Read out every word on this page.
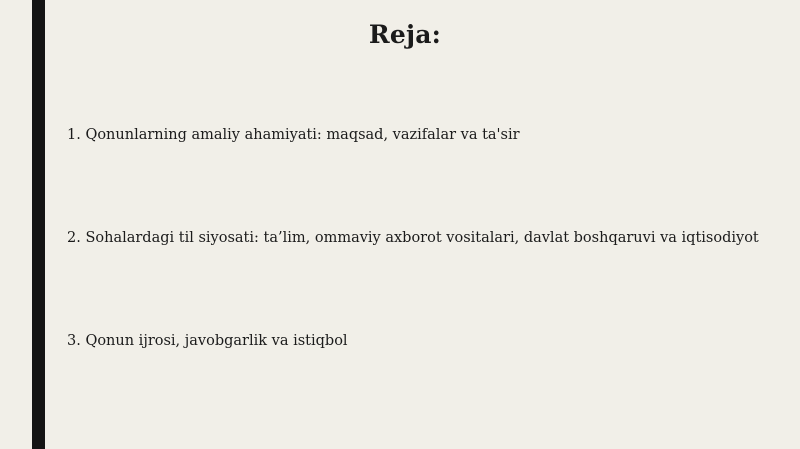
Reja:
1. Qonunlarning amaliy ahamiyati: maqsad, vazifalar va ta'sir
2. Sohalardagi til siyosati: ta’lim, ommaviy axborot vositalari, davlat boshqaruvi va iqtisodiyot
3. Qonun ijrosi, javobgarlik va istiqbol
